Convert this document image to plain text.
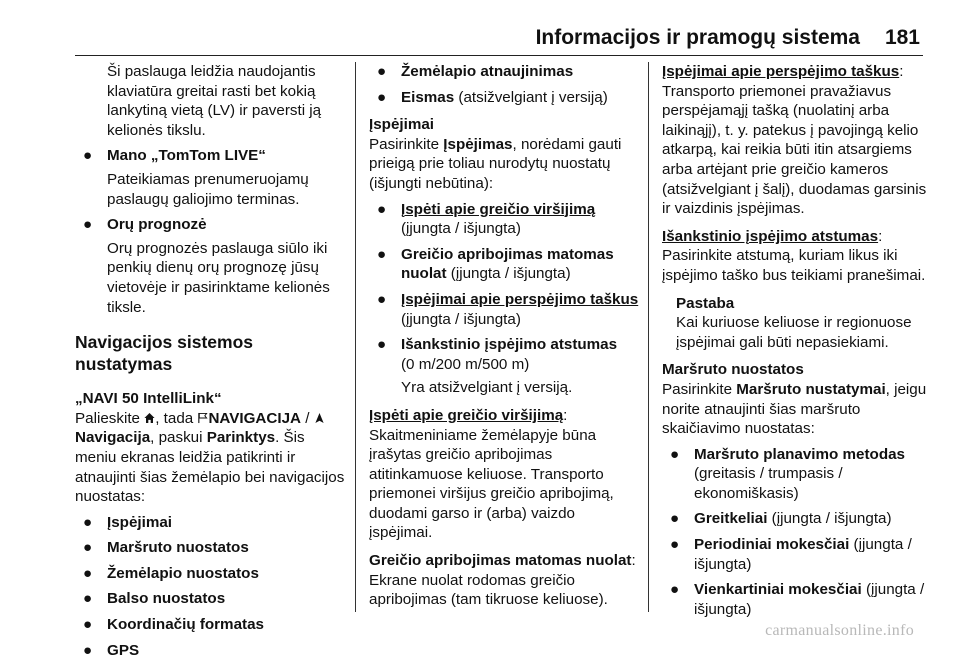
Informacijos ir pramogų sistema 181

Ši paslauga leidžia naudojantis klaviatūra greitai rasti bet kokią lankytiną vietą (LV) ir paversti ją kelionės tikslu.

● Mano „TomTom LIVE“

Pateikiamas prenumeruojamų paslaugų galiojimo terminas.

● Orų prognozė

Orų prognozės paslauga siūlo iki penkių dienų orų prognozę jūsų vietovėje ir pasirinktame kelionės tikslе.

Navigacijos sistemos nustatymas

„NAVI 50 IntelliLink“

Palieskite , tada NAVIGACIJA / Navigacija, paskui Parinktys. Šis meniu ekranas leidžia patikrinti ir atnaujinti šias žemėlapio bei navigacijos nuostatas:

● Įspėjimai
● Maršruto nuostatos
● Žemėlapio nuostatos
● Balso nuostatos
● Koordinačių formatas
● GPS
● Žemėlapio atnaujinimas
● Eismas (atsižvelgiant į versiją)

Įspėjimai

Pasirinkite Įspėjimas, norėdami gauti prieigą prie toliau nurodytų nuostatų (išjungti nebūtina):

● Įspėti apie greičio viršijimą
(įjungta / išjungta)
● Greičio apribojimas matomas nuolat (įjungta / išjungta)
● Įspėjimai apie perspėjimo taškus
(įjungta / išjungta)
● Išankstinio įspėjimo atstumas
(0 m/200 m/500 m)

Yra atsižvelgiant į versiją.

Įspėti apie greičio viršijimą: Skaitmeniniame žemėlapyje būna įrašytas greičio apribojimas atitinkamuose keliuose. Transporto priemonei viršijus greičio apribojimą, duodami garso ir (arba) vaizdo įspėjimai.

Greičio apribojimas matomas nuolat: Ekrane nuolat rodomas greičio apribojimas (tam tikruose keliuose).

Įspėjimai apie perspėjimo taškus: Transporto priemonei pravažiavus perspėjamąjį tašką (nuolatinį arba laikinąjį), t. y. patekus į pavojingą kelio atkarpą, kai reikia būti itin atsargiems arba artėjant prie greičio kameros (atsižvelgiant į šalį), duodamas garsinis ir vaizdinis įspėjimas.

Išankstinio įspėjimo atstumas: Pasirinkite atstumą, kuriam likus iki įspėjimo taško bus teikiami pranešimai.

Pastaba

Kai kuriuose keliuose ir regionuose įspėjimai gali būti nepasiekiami.

Maršruto nuostatos

Pasirinkite Maršruto nustatymai, jeigu norite atnaujinti šias maršruto skaičiavimo nuostatas:

● Maršruto planavimo metodas
(greitasis / trumpasis / ekonomiškasis)
● Greitkeliai (įjungta / išjungta)
● Periodiniai mokesčiai (įjungta / išjungta)
● Vienkartiniai mokesčiai (įjungta / išjungta)
carmanualsonline.info
